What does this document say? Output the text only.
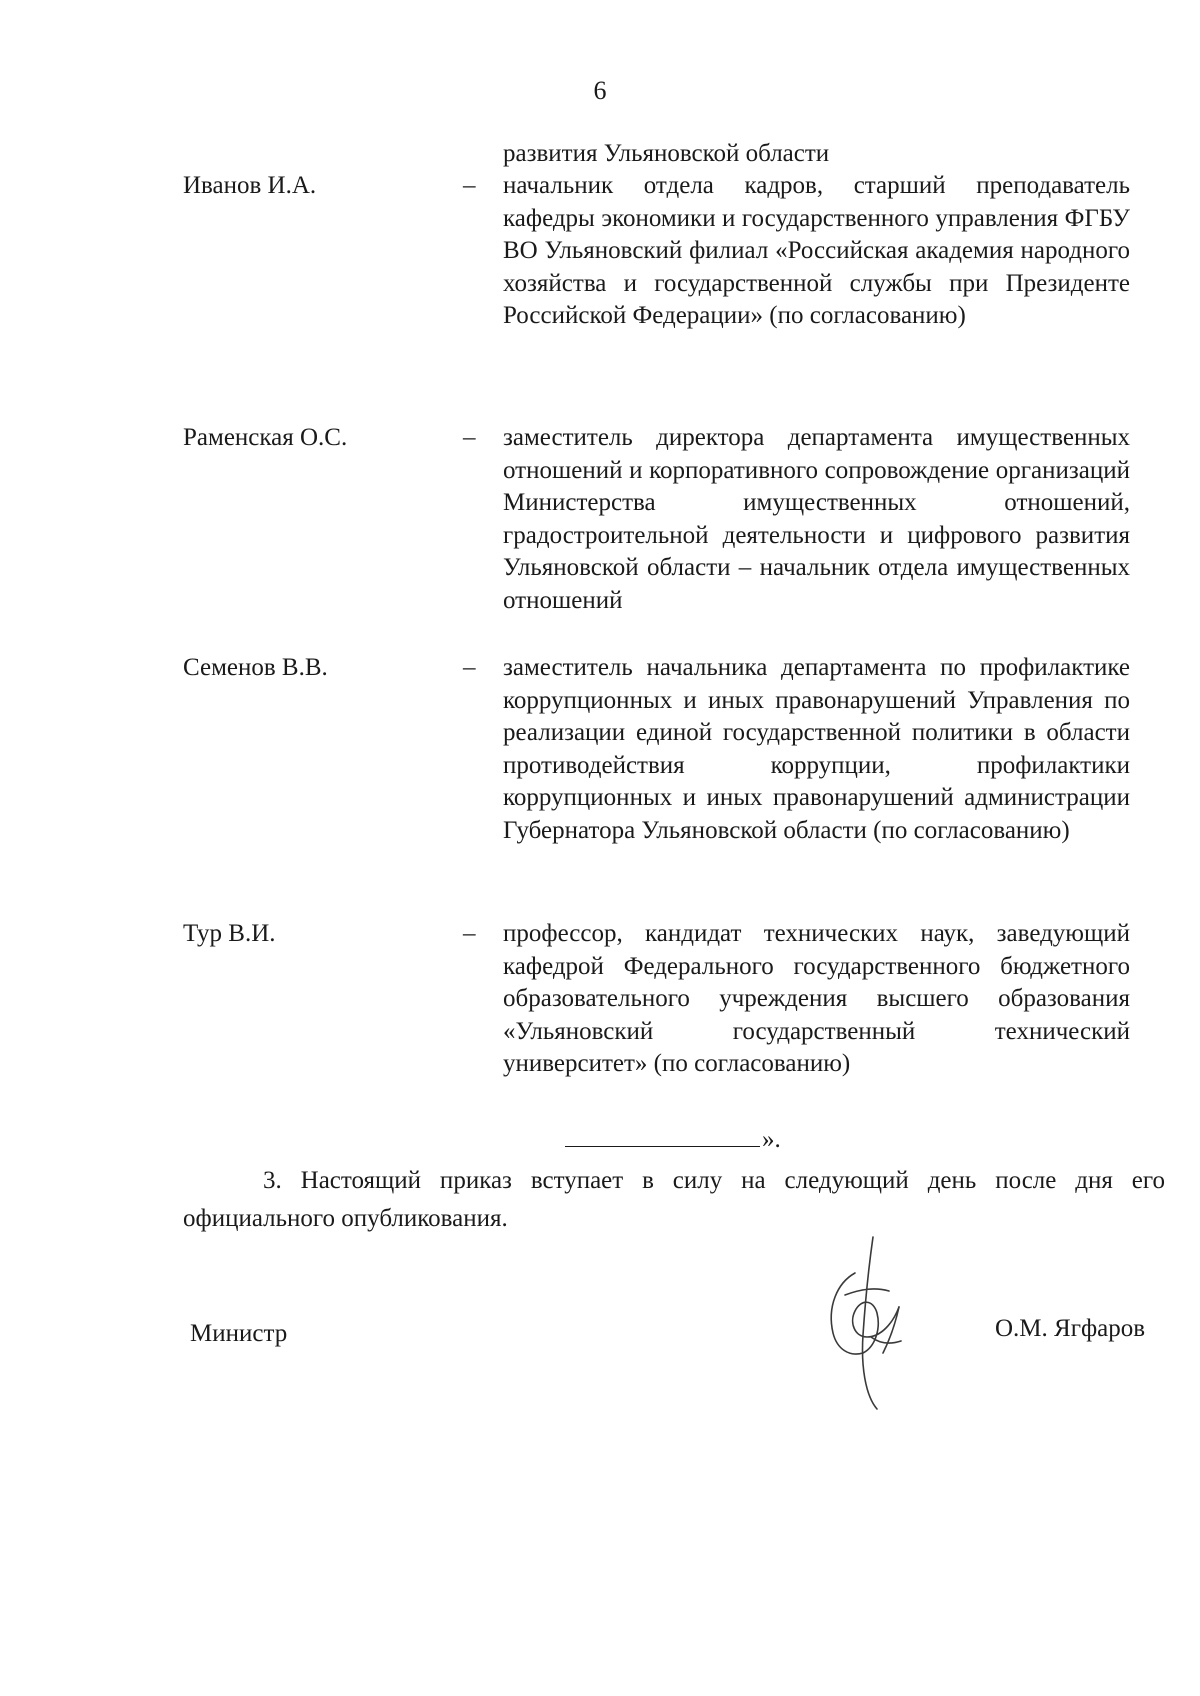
6
развития Ульяновской области
Иванов И.А.	– начальник отдела кадров, старший преподаватель кафедры экономики и государственного управления ФГБУ ВО Ульяновский филиал «Российская академия народного хозяйства и государственной службы при Президенте Российской Федерации» (по согласованию)
Раменская О.С.	– заместитель директора департамента имущественных отношений и корпоративного сопровождение организаций Министерства имущественных отношений, градостроительной деятельности и цифрового развития Ульяновской области – начальник отдела имущественных отношений
Семенов В.В.	– заместитель начальника департамента по профилактике коррупционных и иных правонарушений Управления по реализации единой государственной политики в области противодействия коррупции, профилактики коррупционных и иных правонарушений администрации Губернатора Ульяновской области (по согласованию)
Тур В.И.	– профессор, кандидат технических наук, заведующий кафедрой Федерального государственного бюджетного образовательного учреждения высшего образования «Ульяновский государственный технический университет» (по согласованию)
».
3. Настоящий приказ вступает в силу на следующий день после дня его официального опубликования.
Министр	О.М. Ягфаров
